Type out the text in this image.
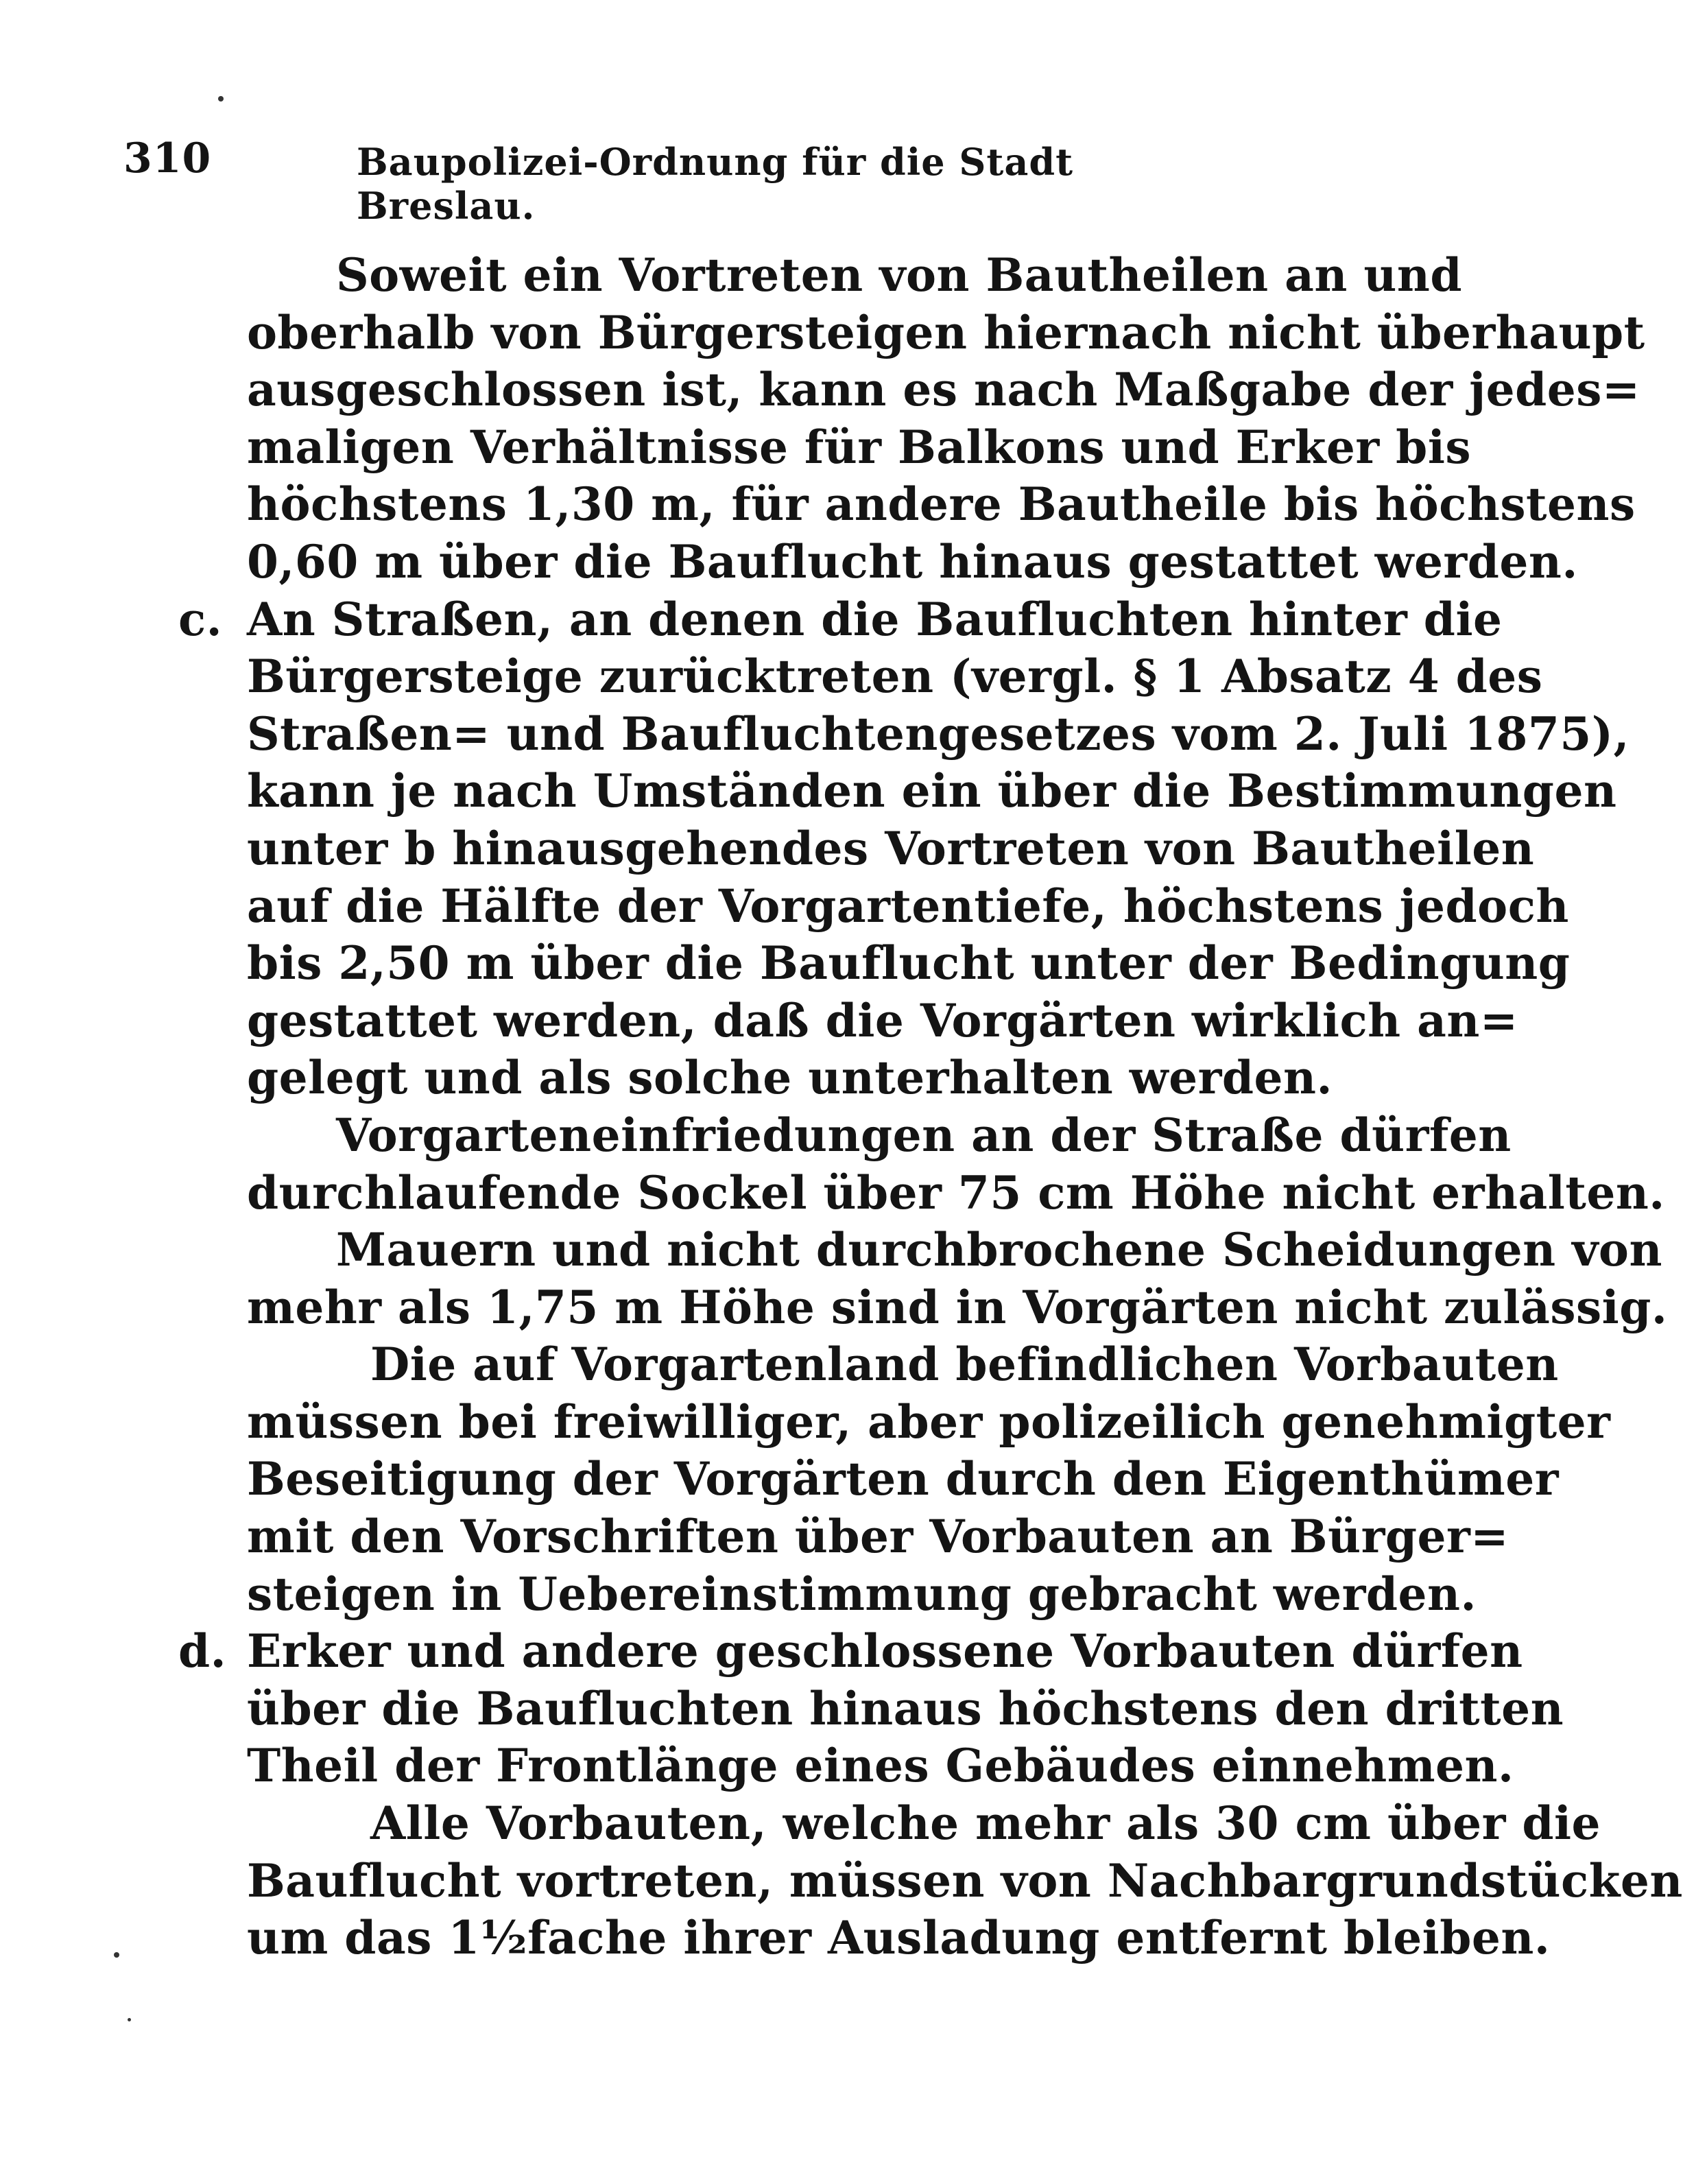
310	Baupolizei-Ordnung für die Stadt Breslau.
Soweit ein Vortreten von Bautheilen an und
oberhalb von Bürgersteigen hiernach nicht überhaupt
ausgeschlossen ist, kann es nach Maßgabe der jedes=
maligen Verhältnisse für Balkons und Erker bis
höchstens 1,30 m, für andere Bautheile bis höchstens
0,60 m über die Bauflucht hinaus gestattet werden.
c. An Straßen, an denen die Baufluchten hinter die
Bürgersteige zurücktreten (vergl. § 1 Absatz 4 des
Straßen= und Baufluchtengesetzes vom 2. Juli 1875),
kann je nach Umständen ein über die Bestimmungen
unter b hinausgehendes Vortreten von Bautheilen
auf die Hälfte der Vorgartentiefe, höchstens jedoch
bis 2,50 m über die Bauflucht unter der Bedingung
gestattet werden, daß die Vorgärten wirklich an=
gelegt und als solche unterhalten werden.
Vorgarteneinfriedungen an der Straße dürfen
durchlaufende Sockel über 75 cm Höhe nicht erhalten.
Mauern und nicht durchbrochene Scheidungen von
mehr als 1,75 m Höhe sind in Vorgärten nicht zulässig.
Die auf Vorgartenland befindlichen Vorbauten
müssen bei freiwilliger, aber polizeilich genehmigter
Beseitigung der Vorgärten durch den Eigenthümer
mit den Vorschriften über Vorbauten an Bürger=
steigen in Uebereinstimmung gebracht werden.
d. Erker und andere geschlossene Vorbauten dürfen
über die Baufluchten hinaus höchstens den dritten
Theil der Frontlänge eines Gebäudes einnehmen.
Alle Vorbauten, welche mehr als 30 cm über die
Bauflucht vortreten, müssen von Nachbargrundstücken
um das 1½fache ihrer Ausladung entfernt bleiben.
